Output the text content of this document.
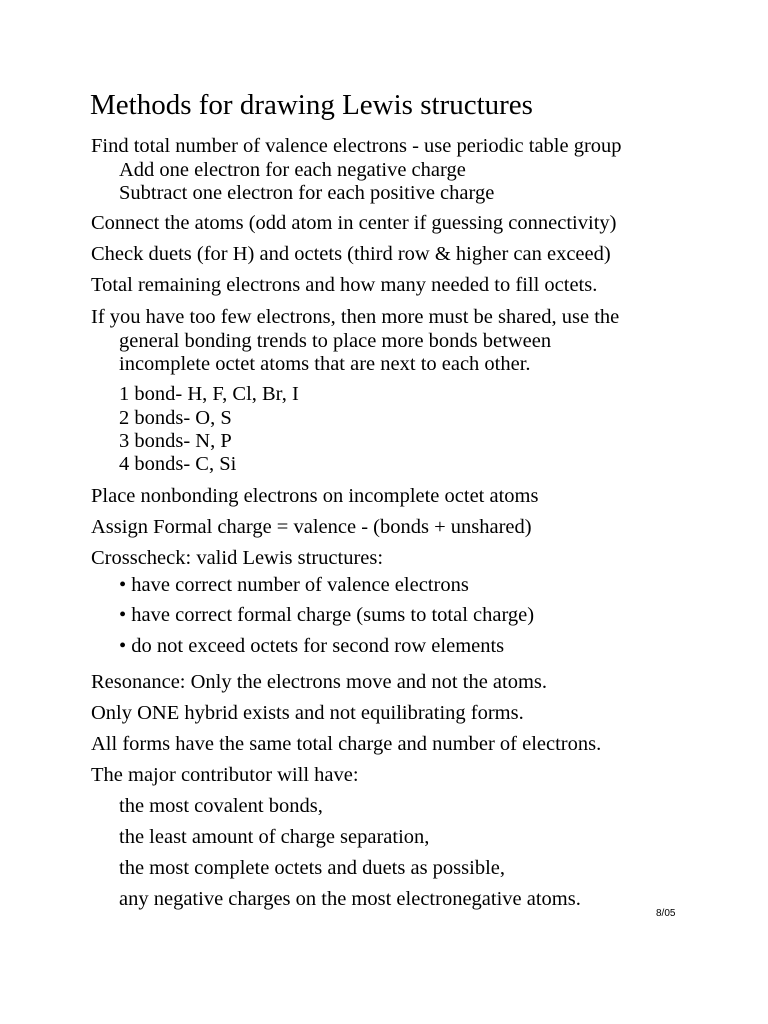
Methods for drawing Lewis structures
Find total number of valence electrons - use periodic table group
Add one electron for each negative charge
Subtract one electron for each positive charge
Connect the atoms (odd atom in center if guessing connectivity)
Check duets (for H) and octets (third row & higher can exceed)
Total remaining electrons and how many needed to fill octets.
If you have too few electrons, then more must be shared, use the
general bonding trends to place more bonds between
incomplete octet atoms that are next to each other.
1 bond- H, F, Cl, Br, I
2 bonds- O, S
3 bonds- N, P
4 bonds- C, Si
Place nonbonding electrons on incomplete octet atoms
Assign Formal charge = valence - (bonds + unshared)
Crosscheck: valid Lewis structures:
• have correct number of valence electrons
• have correct formal charge (sums to total charge)
• do not exceed octets for second row elements
Resonance: Only the electrons move and not the atoms.
Only ONE hybrid exists and not equilibrating forms.
All forms have the same total charge and number of electrons.
The major contributor will have:
the most covalent bonds,
the least amount of charge separation,
the most complete octets and duets as possible,
any negative charges on the most electronegative atoms.
8/05
